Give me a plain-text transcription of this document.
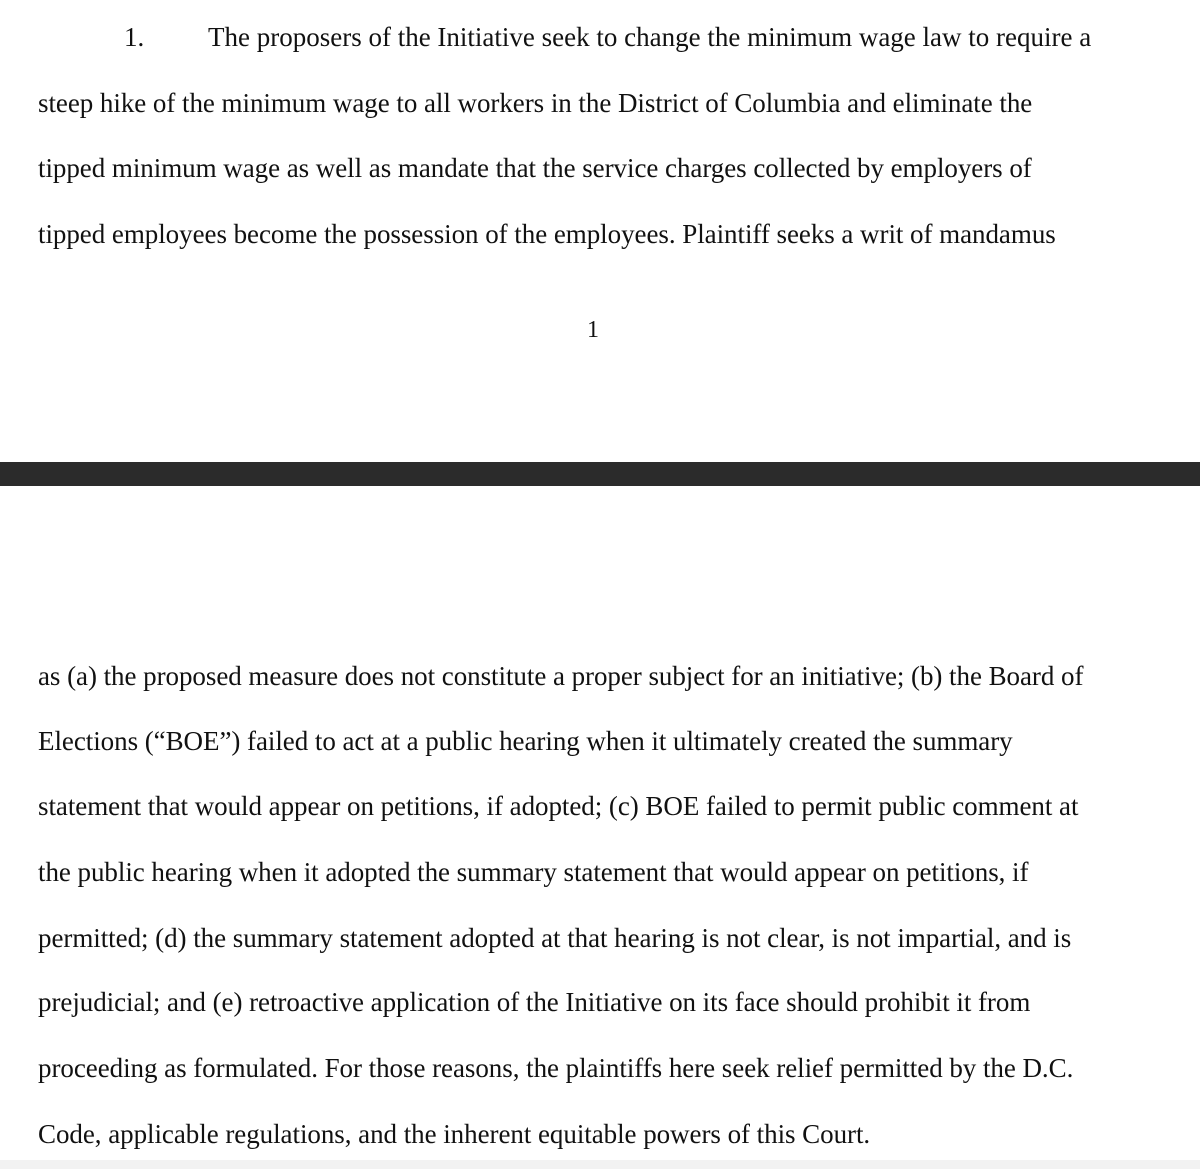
1. The proposers of the Initiative seek to change the minimum wage law to require a
steep hike of the minimum wage to all workers in the District of Columbia and eliminate the
tipped minimum wage as well as mandate that the service charges collected by employers of
tipped employees become the possession of the employees. Plaintiff seeks a writ of mandamus
1
as (a) the proposed measure does not constitute a proper subject for an initiative; (b) the Board of
Elections (“BOE”) failed to act at a public hearing when it ultimately created the summary
statement that would appear on petitions, if adopted; (c) BOE failed to permit public comment at
the public hearing when it adopted the summary statement that would appear on petitions, if
permitted; (d) the summary statement adopted at that hearing is not clear, is not impartial, and is
prejudicial; and (e) retroactive application of the Initiative on its face should prohibit it from
proceeding as formulated. For those reasons, the plaintiffs here seek relief permitted by the D.C.
Code, applicable regulations, and the inherent equitable powers of this Court.
